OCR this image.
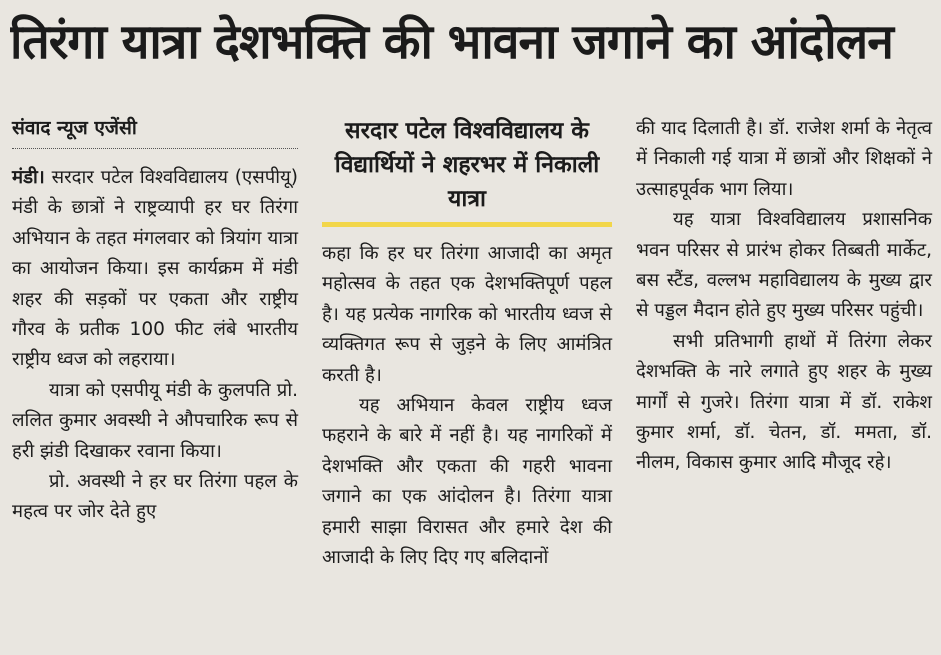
तिरंगा यात्रा देशभक्ति की भावना जगाने का आंदोलन
संवाद न्यूज एजेंसी

मंडी। सरदार पटेल विश्वविद्यालय (एसपीयू) मंडी के छात्रों ने राष्ट्रव्यापी हर घर तिरंगा अभियान के तहत मंगलवार को त्रियांग यात्रा का आयोजन किया। इस कार्यक्रम में मंडी शहर की सड़कों पर एकता और राष्ट्रीय गौरव के प्रतीक 100 फीट लंबे भारतीय राष्ट्रीय ध्वज को लहराया।

यात्रा को एसपीयू मंडी के कुलपति प्रो. ललित कुमार अवस्थी ने औपचारिक रूप से हरी झंडी दिखाकर रवाना किया।

प्रो. अवस्थी ने हर घर तिरंगा पहल के महत्व पर जोर देते हुए

सरदार पटेल विश्वविद्यालय के विद्यार्थियों ने शहरभर में निकाली यात्रा

कहा कि हर घर तिरंगा आजादी का अमृत महोत्सव के तहत एक देशभक्तिपूर्ण पहल है। यह प्रत्येक नागरिक को भारतीय ध्वज से व्यक्तिगत रूप से जुड़ने के लिए आमंत्रित करती है।

यह अभियान केवल राष्ट्रीय ध्वज फहराने के बारे में नहीं है। यह नागरिकों में देशभक्ति और एकता की गहरी भावना जगाने का एक आंदोलन है। तिरंगा यात्रा हमारी साझा विरासत और हमारे देश की आजादी के लिए दिए गए बलिदानों

की याद दिलाती है। डॉ. राजेश शर्मा के नेतृत्व में निकाली गई यात्रा में छात्रों और शिक्षकों ने उत्साहपूर्वक भाग लिया।

यह यात्रा विश्वविद्यालय प्रशासनिक भवन परिसर से प्रारंभ होकर तिब्बती मार्केट, बस स्टैंड, वल्लभ महाविद्यालय के मुख्य द्वार से पड्डल मैदान होते हुए मुख्य परिसर पहुंची।

सभी प्रतिभागी हाथों में तिरंगा लेकर देशभक्ति के नारे लगाते हुए शहर के मुख्य मार्गों से गुजरे। तिरंगा यात्रा में डॉ. राकेश कुमार शर्मा, डॉ. चेतन, डॉ. ममता, डॉ. नीलम, विकास कुमार आदि मौजूद रहे।
